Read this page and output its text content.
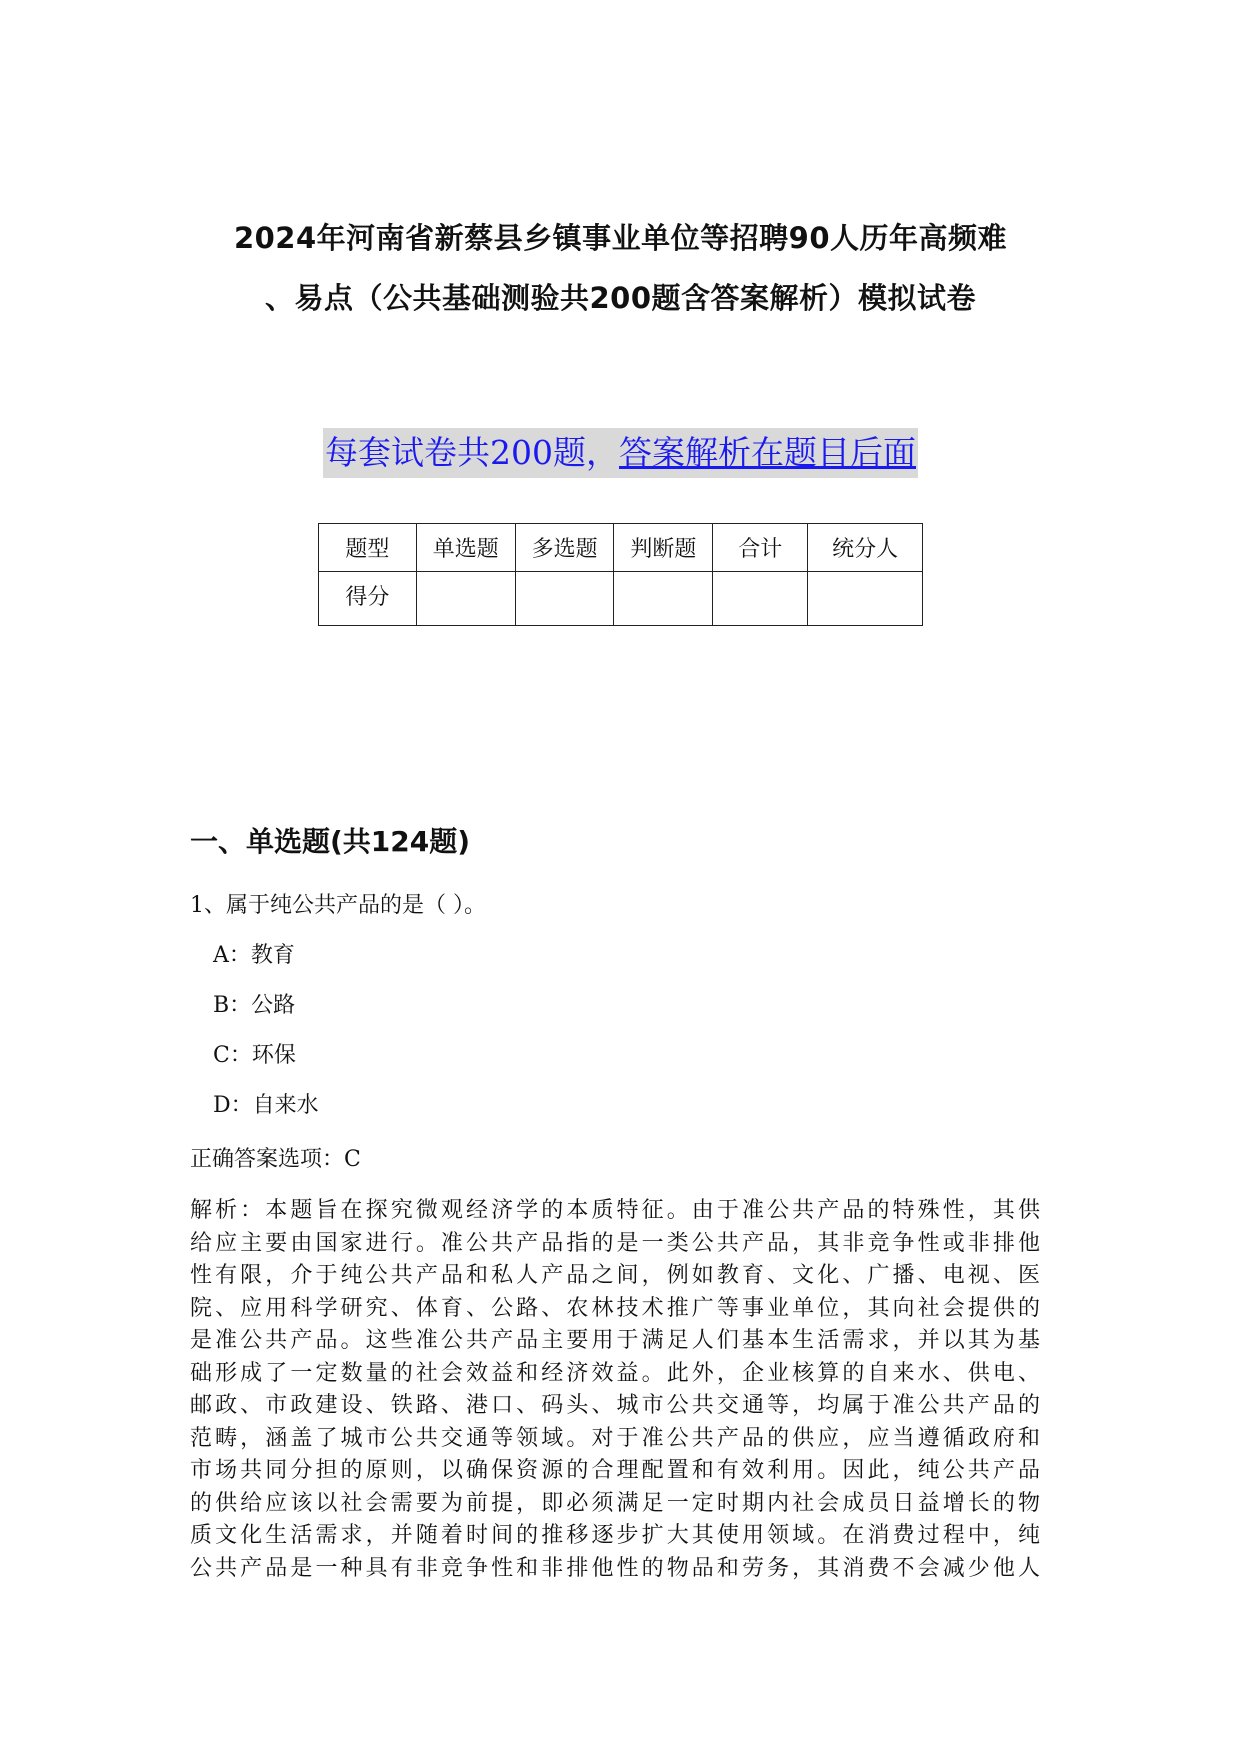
2024年河南省新蔡县乡镇事业单位等招聘90人历年高频难
、易点（公共基础测验共200题含答案解析）模拟试卷
每套试卷共200题，答案解析在题目后面
题型	单选题	多选题	判断题	合计	统分人
得分					
一、单选题(共124题)
1、属于纯公共产品的是（ ）。
A：教育
B：公路
C：环保
D：自来水
正确答案选项：C
解析：本题旨在探究微观经济学的本质特征。由于准公共产品的特殊性，其供
给应主要由国家进行。准公共产品指的是一类公共产品，其非竞争性或非排他
性有限，介于纯公共产品和私人产品之间，例如教育、文化、广播、电视、医
院、应用科学研究、体育、公路、农林技术推广等事业单位，其向社会提供的
是准公共产品。这些准公共产品主要用于满足人们基本生活需求，并以其为基
础形成了一定数量的社会效益和经济效益。此外，企业核算的自来水、供电、
邮政、市政建设、铁路、港口、码头、城市公共交通等，均属于准公共产品的
范畴，涵盖了城市公共交通等领域。对于准公共产品的供应，应当遵循政府和
市场共同分担的原则，以确保资源的合理配置和有效利用。因此，纯公共产品
的供给应该以社会需要为前提，即必须满足一定时期内社会成员日益增长的物
质文化生活需求，并随着时间的推移逐步扩大其使用领域。在消费过程中，纯
公共产品是一种具有非竞争性和非排他性的物品和劳务，其消费不会减少他人
